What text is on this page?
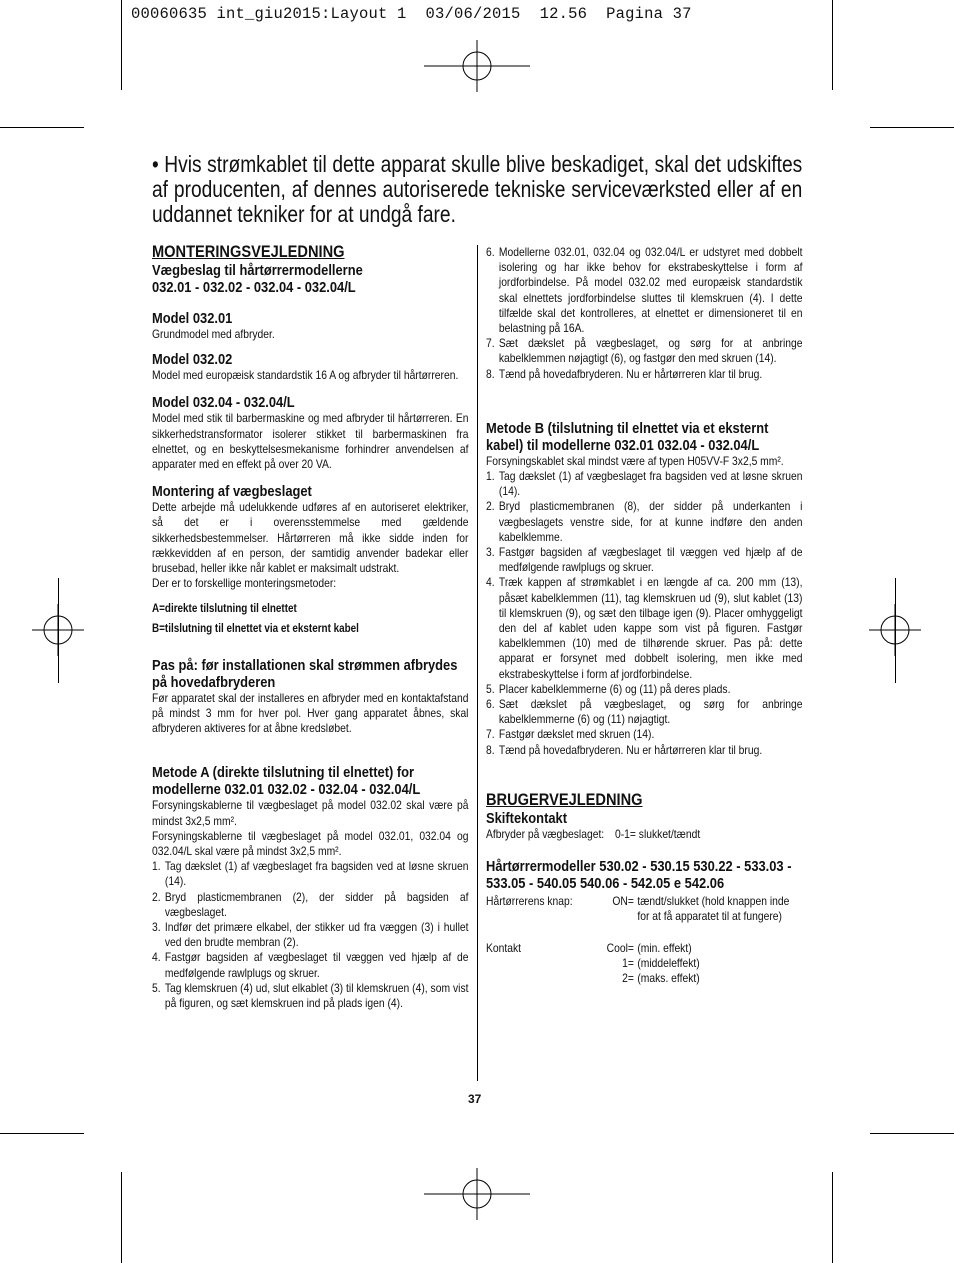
00060635 int_giu2015:Layout 1  03/06/2015  12.56  Pagina 37
• Hvis strømkablet til dette apparat skulle blive beskadiget, skal det udskiftes af producenten, af dennes autoriserede tekniske serviceværksted eller af en uddannet tekniker for at undgå fare.

MONTERINGSVEJLEDNING

Vægbeslag til hårtørrermodellerne

032.01 - 032.02 - 032.04 - 032.04/L

Model 032.01

Grundmodel med afbryder.

Model 032.02

Model med europæisk standardstik 16 A og afbryder til hårtørreren.

Model 032.04 - 032.04/L

Model med stik til barbermaskine og med afbryder til hårtørreren. En sikkerhedstransformator isolerer stikket til barbermaskinen fra elnettet, og en beskyttelsesmekanisme forhindrer anvendelsen af apparater med en effekt på over 20 VA.

Montering af vægbeslaget

Dette arbejde må udelukkende udføres af en autoriseret elektriker, så det er i overensstemmelse med gældende sikkerhedsbestemmelser. Hårtørreren må ikke sidde inden for rækkevidden af en person, der samtidig anvender badekar eller brusebad, heller ikke når kablet er maksimalt udstrakt.

Der er to forskellige monteringsmetoder:

A=direkte tilslutning til elnettet

B=tilslutning til elnettet via et eksternt kabel

Pas på: før installationen skal strømmen afbrydes på hovedafbryderen

Før apparatet skal der installeres en afbryder med en kontaktafstand på mindst 3 mm for hver pol. Hver gang apparatet åbnes, skal afbryderen aktiveres for at åbne kredsløbet.

Metode A (direkte tilslutning til elnettet) for modellerne 032.01 032.02 - 032.04 - 032.04/L

Forsyningskablerne til vægbeslaget på model 032.02 skal være på mindst 3x2,5 mm².

Forsyningskablerne til vægbeslaget på model 032.01, 032.04 og 032.04/L skal være på mindst 3x2,5 mm².

1. Tag dækslet (1) af vægbeslaget fra bagsiden ved at løsne skruen (14).
2. Bryd plasticmembranen (2), der sidder på bagsiden af vægbeslaget.
3. Indfør det primære elkabel, der stikker ud fra væggen (3) i hullet ved den brudte membran (2).
4. Fastgør bagsiden af vægbeslaget til væggen ved hjælp af de medfølgende rawlplugs og skruer.
5. Tag klemskruen (4) ud, slut elkablet (3) til klemskruen (4), som vist på figuren, og sæt klemskruen ind på plads igen (4).
6. Modellerne 032.01, 032.04 og 032.04/L er udstyret med dobbelt isolering og har ikke behov for ekstrabeskyttelse i form af jordforbindelse. På model 032.02 med europæisk standardstik skal elnettets jordforbindelse sluttes til klemskruen (4). I dette tilfælde skal det kontrolleres, at elnettet er dimensioneret til en belastning på 16A.
7. Sæt dækslet på vægbeslaget, og sørg for at anbringe kabelklemmen nøjagtigt (6), og fastgør den med skruen (14).
8. Tænd på hovedafbryderen. Nu er hårtørreren klar til brug.

Metode B (tilslutning til elnettet via et eksternt kabel) til modellerne 032.01 032.04 - 032.04/L

Forsyningskablet skal mindst være af typen H05VV-F 3x2,5 mm².

1. Tag dækslet (1) af vægbeslaget fra bagsiden ved at løsne skruen (14).
2. Bryd plasticmembranen (8), der sidder på underkanten i vægbeslagets venstre side, for at kunne indføre den anden kabelklemme.
3. Fastgør bagsiden af vægbeslaget til væggen ved hjælp af de medfølgende rawlplugs og skruer.
4. Træk kappen af strømkablet i en længde af ca. 200 mm (13), påsæt kabelklemmen (11), tag klemskruen ud (9), slut kablet (13) til klemskruen (9), og sæt den tilbage igen (9). Placer omhyggeligt den del af kablet uden kappe som vist på figuren. Fastgør kabelklemmen (10) med de tilhørende skruer. Pas på: dette apparat er forsynet med dobbelt isolering, men ikke med ekstrabeskyttelse i form af jordforbindelse.
5. Placer kabelklemmerne (6) og (11) på deres plads.
6. Sæt dækslet på vægbeslaget, og sørg for anbringe kabelklemmerne (6) og (11) nøjagtigt.
7. Fastgør dækslet med skruen (14).
8. Tænd på hovedafbryderen. Nu er hårtørreren klar til brug.

BRUGERVEJLEDNING

Skiftekontakt

Afbryder på vægbeslaget: 0-1= slukket/tændt

Hårtørrermodeller 530.02 - 530.15 530.22 - 533.03 - 533.05 - 540.05 540.06 - 542.05 e 542.06

Hårtørrerens knap:	ON= tændt/slukket (hold knappen inde for at få apparatet til at fungere)
Kontakt	Cool= (min. effekt)
1= (middeleffekt)
2= (maks. effekt)
37
